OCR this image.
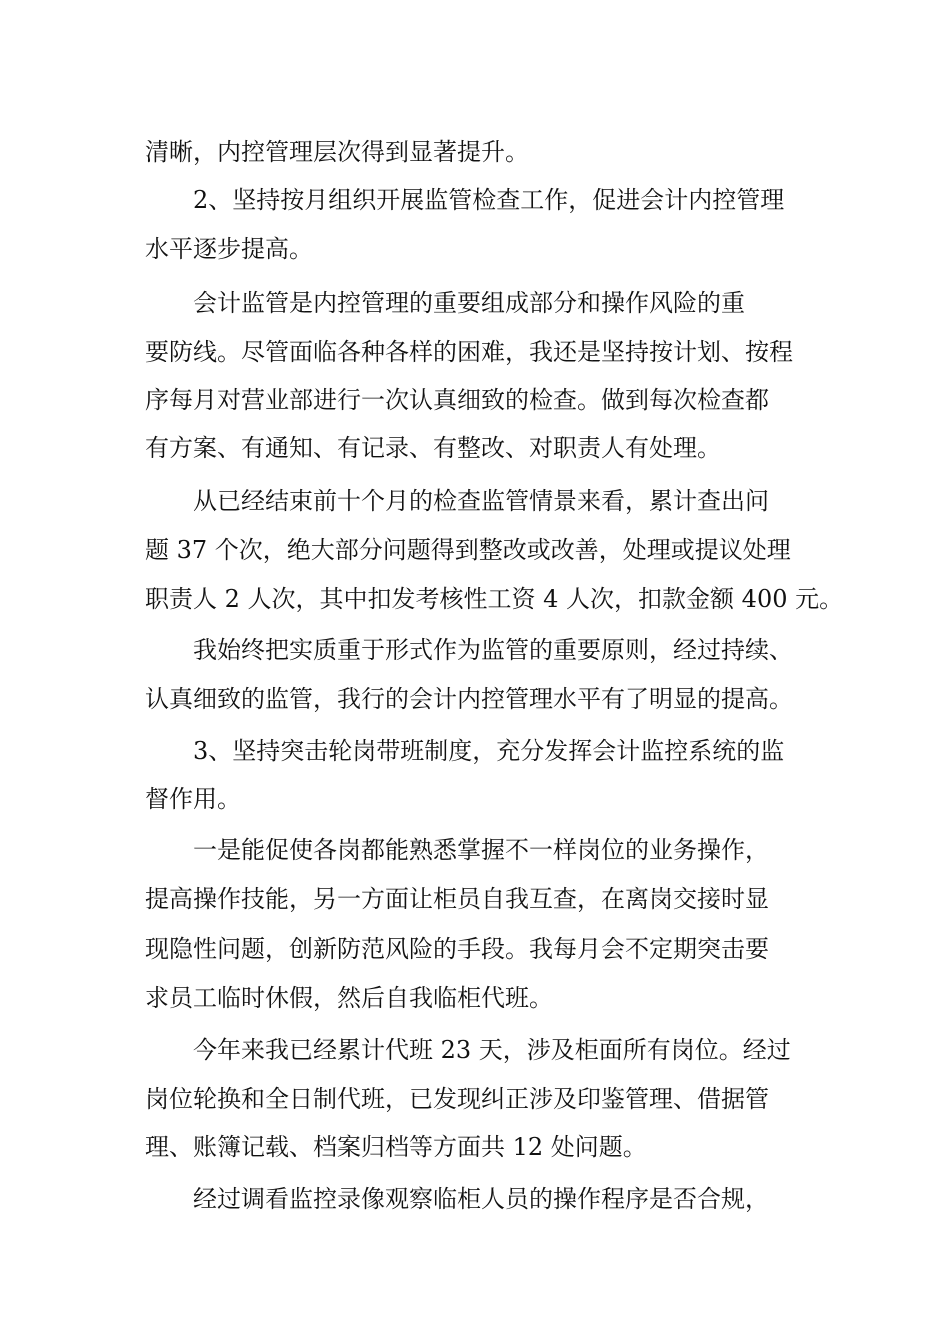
清晰，内控管理层次得到显著提升。
2、坚持按月组织开展监管检查工作，促进会计内控管理
水平逐步提高。
会计监管是内控管理的重要组成部分和操作风险的重
要防线。尽管面临各种各样的困难，我还是坚持按计划、按程
序每月对营业部进行一次认真细致的检查。做到每次检查都
有方案、有通知、有记录、有整改、对职责人有处理。
从已经结束前十个月的检查监管情景来看，累计查出问
题 37 个次，绝大部分问题得到整改或改善，处理或提议处理
职责人 2 人次，其中扣发考核性工资 4 人次，扣款金额 400 元。
我始终把实质重于形式作为监管的重要原则，经过持续、
认真细致的监管，我行的会计内控管理水平有了明显的提高。
3、坚持突击轮岗带班制度，充分发挥会计监控系统的监
督作用。
一是能促使各岗都能熟悉掌握不一样岗位的业务操作，
提高操作技能，另一方面让柜员自我互查，在离岗交接时显
现隐性问题，创新防范风险的手段。我每月会不定期突击要
求员工临时休假，然后自我临柜代班。
今年来我已经累计代班 23 天，涉及柜面所有岗位。经过
岗位轮换和全日制代班，已发现纠正涉及印鉴管理、借据管
理、账簿记载、档案归档等方面共 12 处问题。
经过调看监控录像观察临柜人员的操作程序是否合规，
